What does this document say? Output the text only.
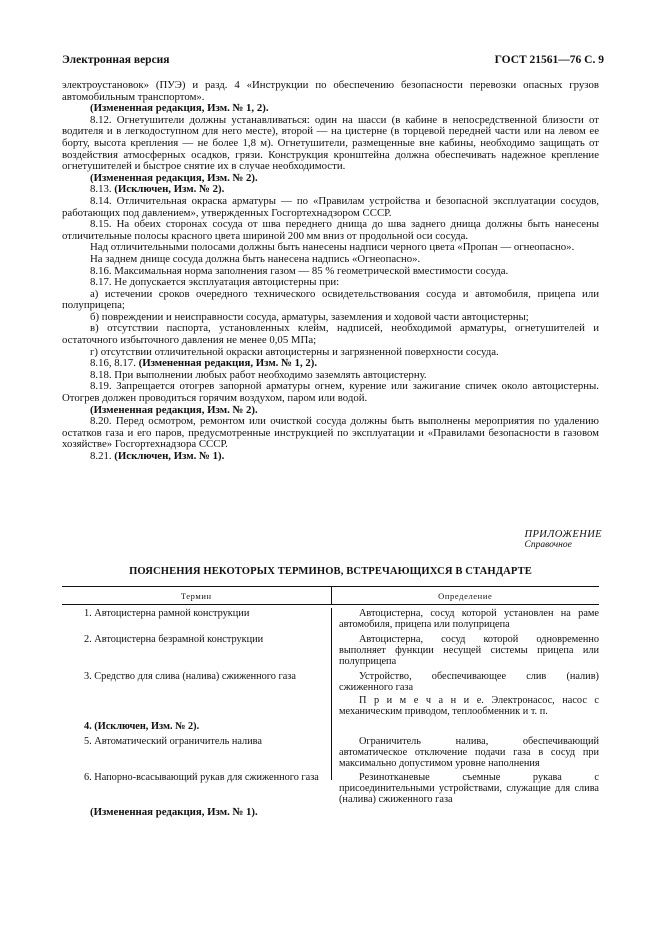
Электронная версия	ГОСТ 21561—76 С. 9

электроустановок» (ПУЭ) и разд. 4 «Инструкции по обеспечению безопасности перевозки опасных грузов автомобильным транспортом».

(Измененная редакция, Изм. № 1, 2).

8.12. Огнетушители должны устанавливаться: один на шасси (в кабине в непосредственной близости от водителя и в легкодоступном для него месте), второй — на цистерне (в торцевой передней части или на левом ее борту, высота крепления — не более 1,8 м). Огнетушители, размещенные вне кабины, необходимо защищать от воздействия атмосферных осадков, грязи. Конструкция кронштейна должна обеспечивать надежное крепление огнетушителей и быстрое снятие их в случае необходимости.

(Измененная редакция, Изм. № 2).

8.13. (Исключен, Изм. № 2).

8.14. Отличительная окраска арматуры — по «Правилам устройства и безопасной эксплуатации сосудов, работающих под давлением», утвержденных Госгортехнадзором СССР.

8.15. На обеих сторонах сосуда от шва переднего днища до шва заднего днища должны быть нанесены отличительные полосы красного цвета шириной 200 мм вниз от продольной оси сосуда.

Над отличительными полосами должны быть нанесены надписи черного цвета «Пропан — огнеопасно».

На заднем днище сосуда должна быть нанесена надпись «Огнеопасно».

8.16. Максимальная норма заполнения газом — 85 % геометрической вместимости сосуда.

8.17. Не допускается эксплуатация автоцистерны при:

а) истечении сроков очередного технического освидетельствования сосуда и автомобиля, прицепа или полуприцепа;

б) повреждении и неисправности сосуда, арматуры, заземления и ходовой части автоцистерны;

в) отсутствии паспорта, установленных клейм, надписей, необходимой арматуры, огнетушителей и остаточного избыточного давления не менее 0,05 МПа;

г) отсутствии отличительной окраски автоцистерны и загрязненной поверхности сосуда.

8.16, 8.17. (Измененная редакция, Изм. № 1, 2).

8.18. При выполнении любых работ необходимо заземлять автоцистерну.

8.19. Запрещается отогрев запорной арматуры огнем, курение или зажигание спичек около автоцистерны. Отогрев должен проводиться горячим воздухом, паром или водой.

(Измененная редакция, Изм. № 2).

8.20. Перед осмотром, ремонтом или очисткой сосуда должны быть выполнены мероприятия по удалению остатков газа и его паров, предусмотренные инструкцией по эксплуатации и «Правилами безопасности в газовом хозяйстве» Госгортехнадзора СССР.

8.21. (Исключен, Изм. № 1).

ПРИЛОЖЕНИЕ
Справочное
ПОЯСНЕНИЯ НЕКОТОРЫХ ТЕРМИНОВ, ВСТРЕЧАЮЩИХСЯ В СТАНДАРТЕ
Термин	Определение
1. Автоцистерна рамной конструкции	Автоцистерна, сосуд которой установлен на раме автомобиля, прицепа или полуприцепа

2. Автоцистерна безрамной конструкции	Автоцистерна, сосуд которой одновременно выполняет функции несущей системы прицепа или полуприцепа

3. Средство для слива (налива) сжиженного газа	Устройство, обеспечивающее слив (налив) сжиженного газа

П р и м е ч а н и е. Электронасос, насос с механическим приводом, теплообменник и т. п.

4. (Исключен, Изм. № 2).
5. Автоматический ограничитель налива	Ограничитель налива, обеспечивающий автоматическое отключение подачи газа в сосуд при максимально допустимом уровне наполнения

6. Напорно-всасывающий рукав для сжиженного газа	Резинотканевые съемные рукава с присоединительными устройствами, служащие для слива (налива) сжиженного газа

(Измененная редакция, Изм. № 1).
